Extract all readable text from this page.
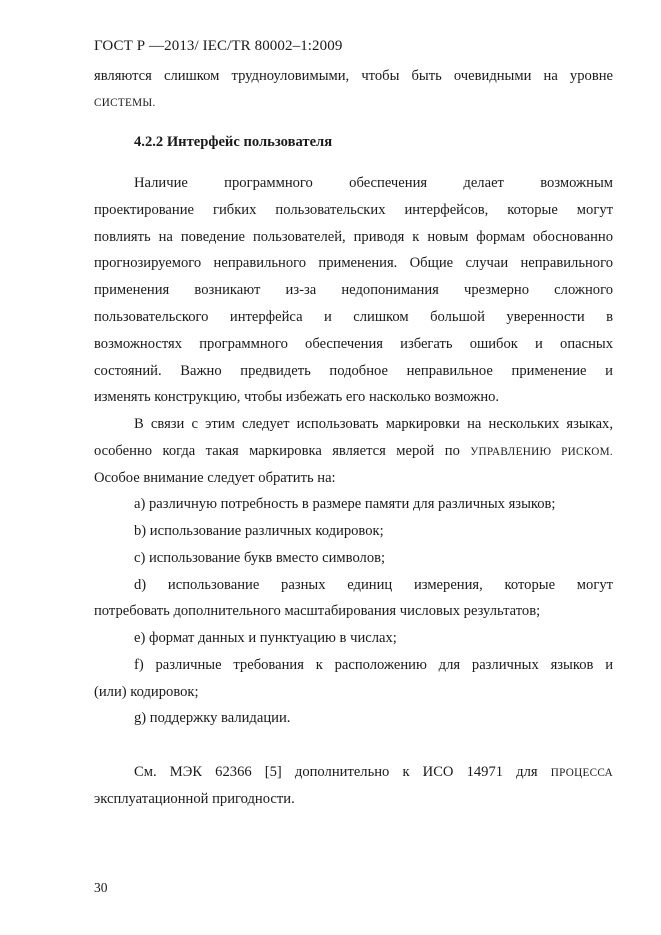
ГОСТ Р —2013/ IEC/TR 80002–1:2009
являются слишком трудноуловимыми, чтобы быть очевидными на уровне
СИСТЕМЫ.
4.2.2 Интерфейс пользователя
Наличие программного обеспечения делает возможным
проектирование гибких пользовательских интерфейсов, которые могут
повлиять на поведение пользователей, приводя к новым формам обоснованно
прогнозируемого неправильного применения. Общие случаи неправильного
применения возникают из-за недопонимания чрезмерно сложного
пользовательского интерфейса и слишком большой уверенности в
возможностях программного обеспечения избегать ошибок и опасных
состояний. Важно предвидеть подобное неправильное применение и
изменять конструкцию, чтобы избежать его насколько возможно.
В связи с этим следует использовать маркировки на нескольких языках,
особенно когда такая маркировка является мерой по УПРАВЛЕНИЮ РИСКОМ.
Особое внимание следует обратить на:
a) различную потребность в размере памяти для различных языков;
b) использование различных кодировок;
c) использование букв вместо символов;
d) использование разных единиц измерения, которые могут
потребовать дополнительного масштабирования числовых результатов;
e) формат данных и пунктуацию в числах;
f) различные требования к расположению для различных языков и
(или) кодировок;
g) поддержку валидации.
См. МЭК 62366 [5] дополнительно к ИСО 14971 для ПРОЦЕССА
эксплуатационной пригодности.
30
